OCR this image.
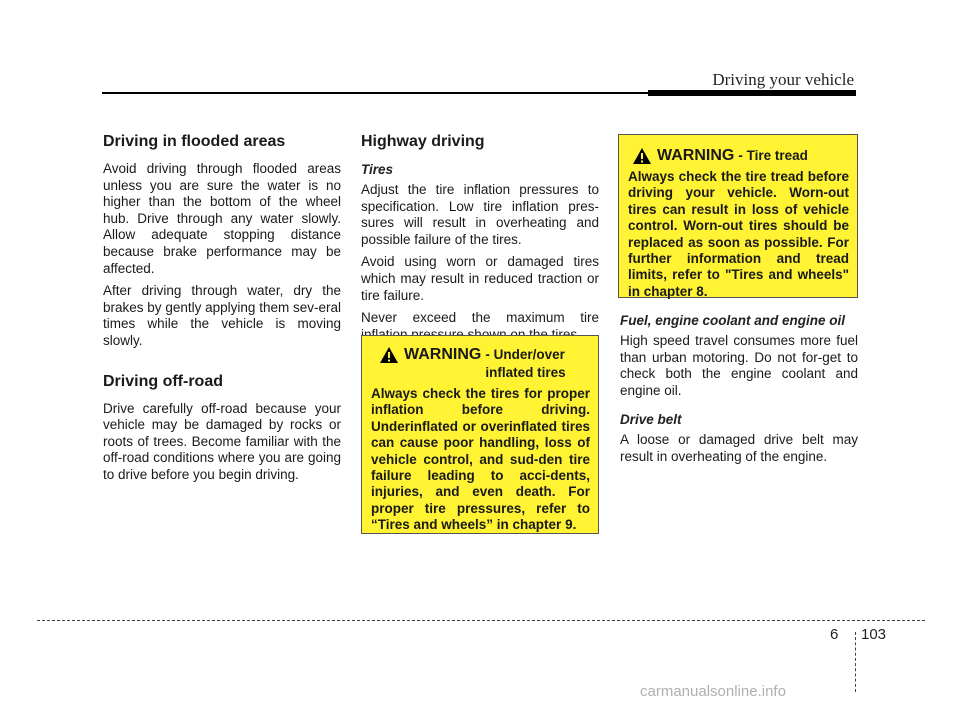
Driving your vehicle
Driving in flooded areas

Avoid driving through flooded areas unless you are sure the water is no higher than the bottom of the wheel hub. Drive through any water slowly. Allow adequate stopping distance because brake performance may be affected.

After driving through water, dry the brakes by gently applying them sev-eral times while the vehicle is moving slowly.

Driving off-road

Drive carefully off-road because your vehicle may be damaged by rocks or roots of trees. Become familiar with the off-road conditions where you are going to drive before you begin driving.

Highway driving
Tires

Adjust the tire inflation pressures to specification. Low tire inflation pres-sures will result in overheating and possible failure of the tires.

Avoid using worn or damaged tires which may result in reduced traction or tire failure.

Never exceed the maximum tire

WARNING - Under/over inflated tires
Always check the tires for proper inflation before driving. Underinflated or overinflated tires can cause poor handling, loss of vehicle control, and sud-den tire failure leading to acci-dents, injuries, and even death. For proper tire pressures, refer to “Tires and wheels” in chapter 9.
WARNING - Tire tread
Always check the tire tread before driving your vehicle. Worn-out tires can result in loss of vehicle control. Worn-out tires should be replaced as soon as possible. For further information and tread limits, refer to "Tires and wheels" in chapter 8.
Fuel, engine coolant and engine oil

High speed travel consumes more fuel than urban motoring. Do not for-get to check both the engine coolant and engine oil.

Drive belt

A loose or damaged drive belt may result in overheating of the engine.

6 103
carmanualsonline.info
